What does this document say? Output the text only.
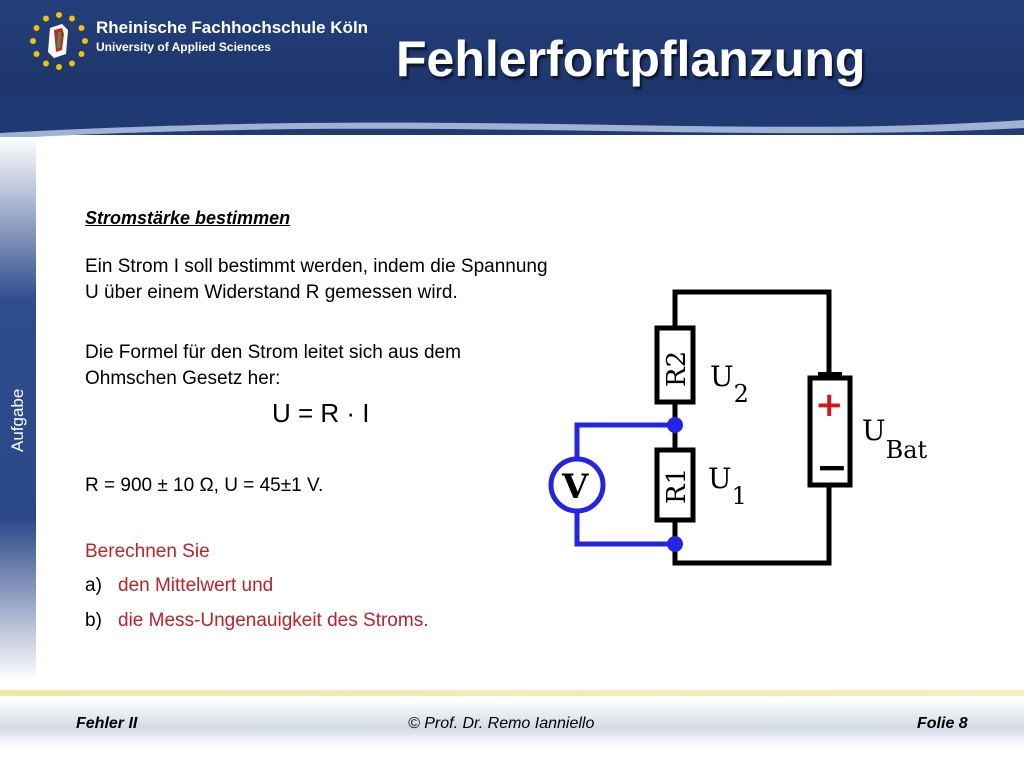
Rheinische Fachhochschule Köln
University of Applied Sciences	Fehlerfortpflanzung
Aufgabe
Stromstärke bestimmen
Ein Strom I soll bestimmt werden, indem die Spannung U über einem Widerstand R gemessen wird.
Die Formel für den Strom leitet sich aus dem Ohmschen Gesetz her:
U = R · I
R = 900 ± 10 Ω, U = 45±1 V.
Berechnen Sie
a) den Mittelwert und
b) die Mess-Ungenauigkeit des Stroms.
R2
R1
+
−
V
U2
U1
UBat
Fehler II	© Prof. Dr. Remo Ianniello	Folie 8
